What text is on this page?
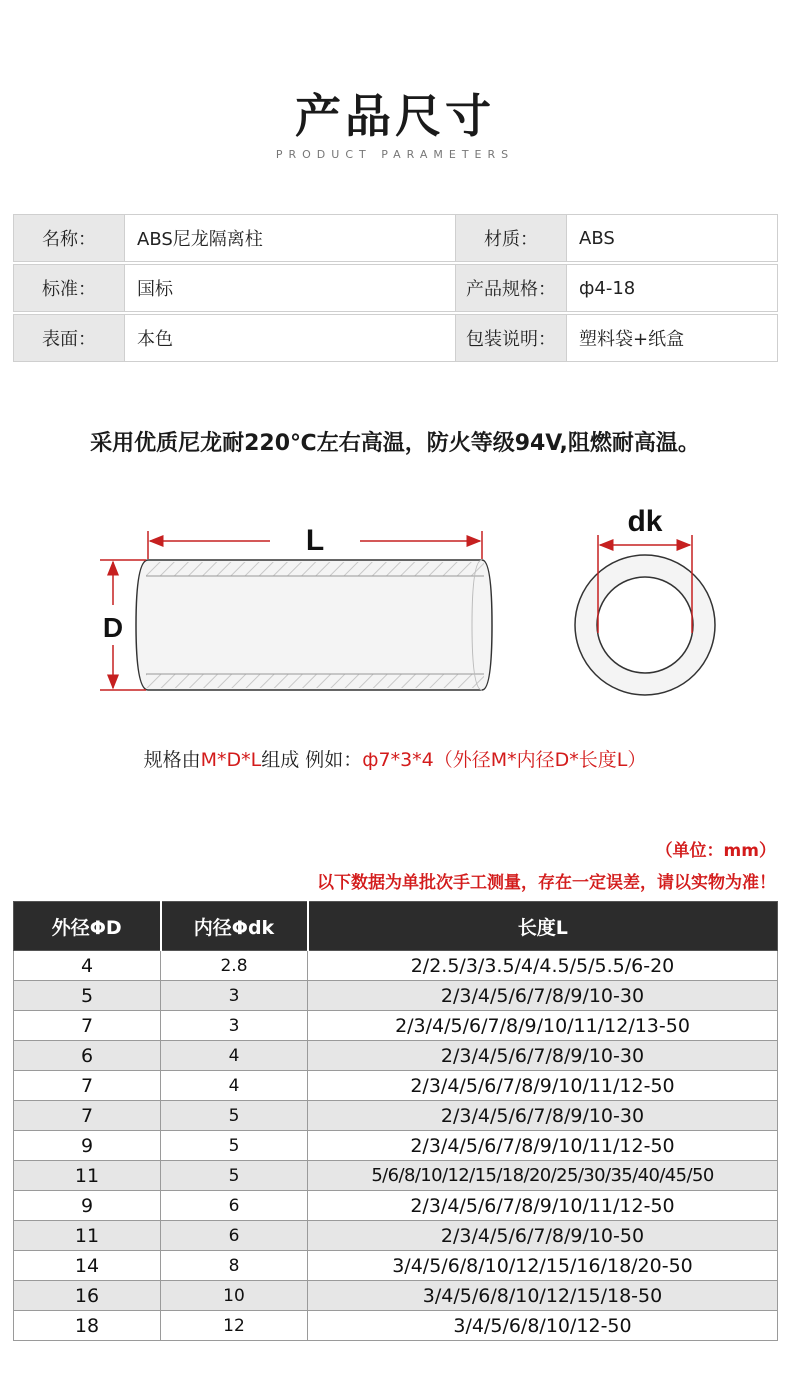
产品尺寸
PRODUCT PARAMETERS
名称：	ABS尼龙隔离柱	材质：	ABS

标准：	国标	产品规格：	ф4-18

表面：	本色	包装说明：	塑料袋+纸盒
采用优质尼龙耐220℃左右高温，防火等级94V,阻燃耐高温。
L
D
dk
规格由M*D*L组成 例如：ф7*3*4（外径M*内径D*长度L）
（单位：mm）
以下数据为单批次手工测量，存在一定误差，请以实物为准！
外径ΦD	内径Φdk	长度L
4	2.8	2/2.5/3/3.5/4/4.5/5/5.5/6-20
5	3	2/3/4/5/6/7/8/9/10-30
7	3	2/3/4/5/6/7/8/9/10/11/12/13-50
6	4	2/3/4/5/6/7/8/9/10-30
7	4	2/3/4/5/6/7/8/9/10/11/12-50
7	5	2/3/4/5/6/7/8/9/10-30
9	5	2/3/4/5/6/7/8/9/10/11/12-50
11	5	5/6/8/10/12/15/18/20/25/30/35/40/45/50
9	6	2/3/4/5/6/7/8/9/10/11/12-50
11	6	2/3/4/5/6/7/8/9/10-50
14	8	3/4/5/6/8/10/12/15/16/18/20-50
16	10	3/4/5/6/8/10/12/15/18-50
18	12	3/4/5/6/8/10/12-50
